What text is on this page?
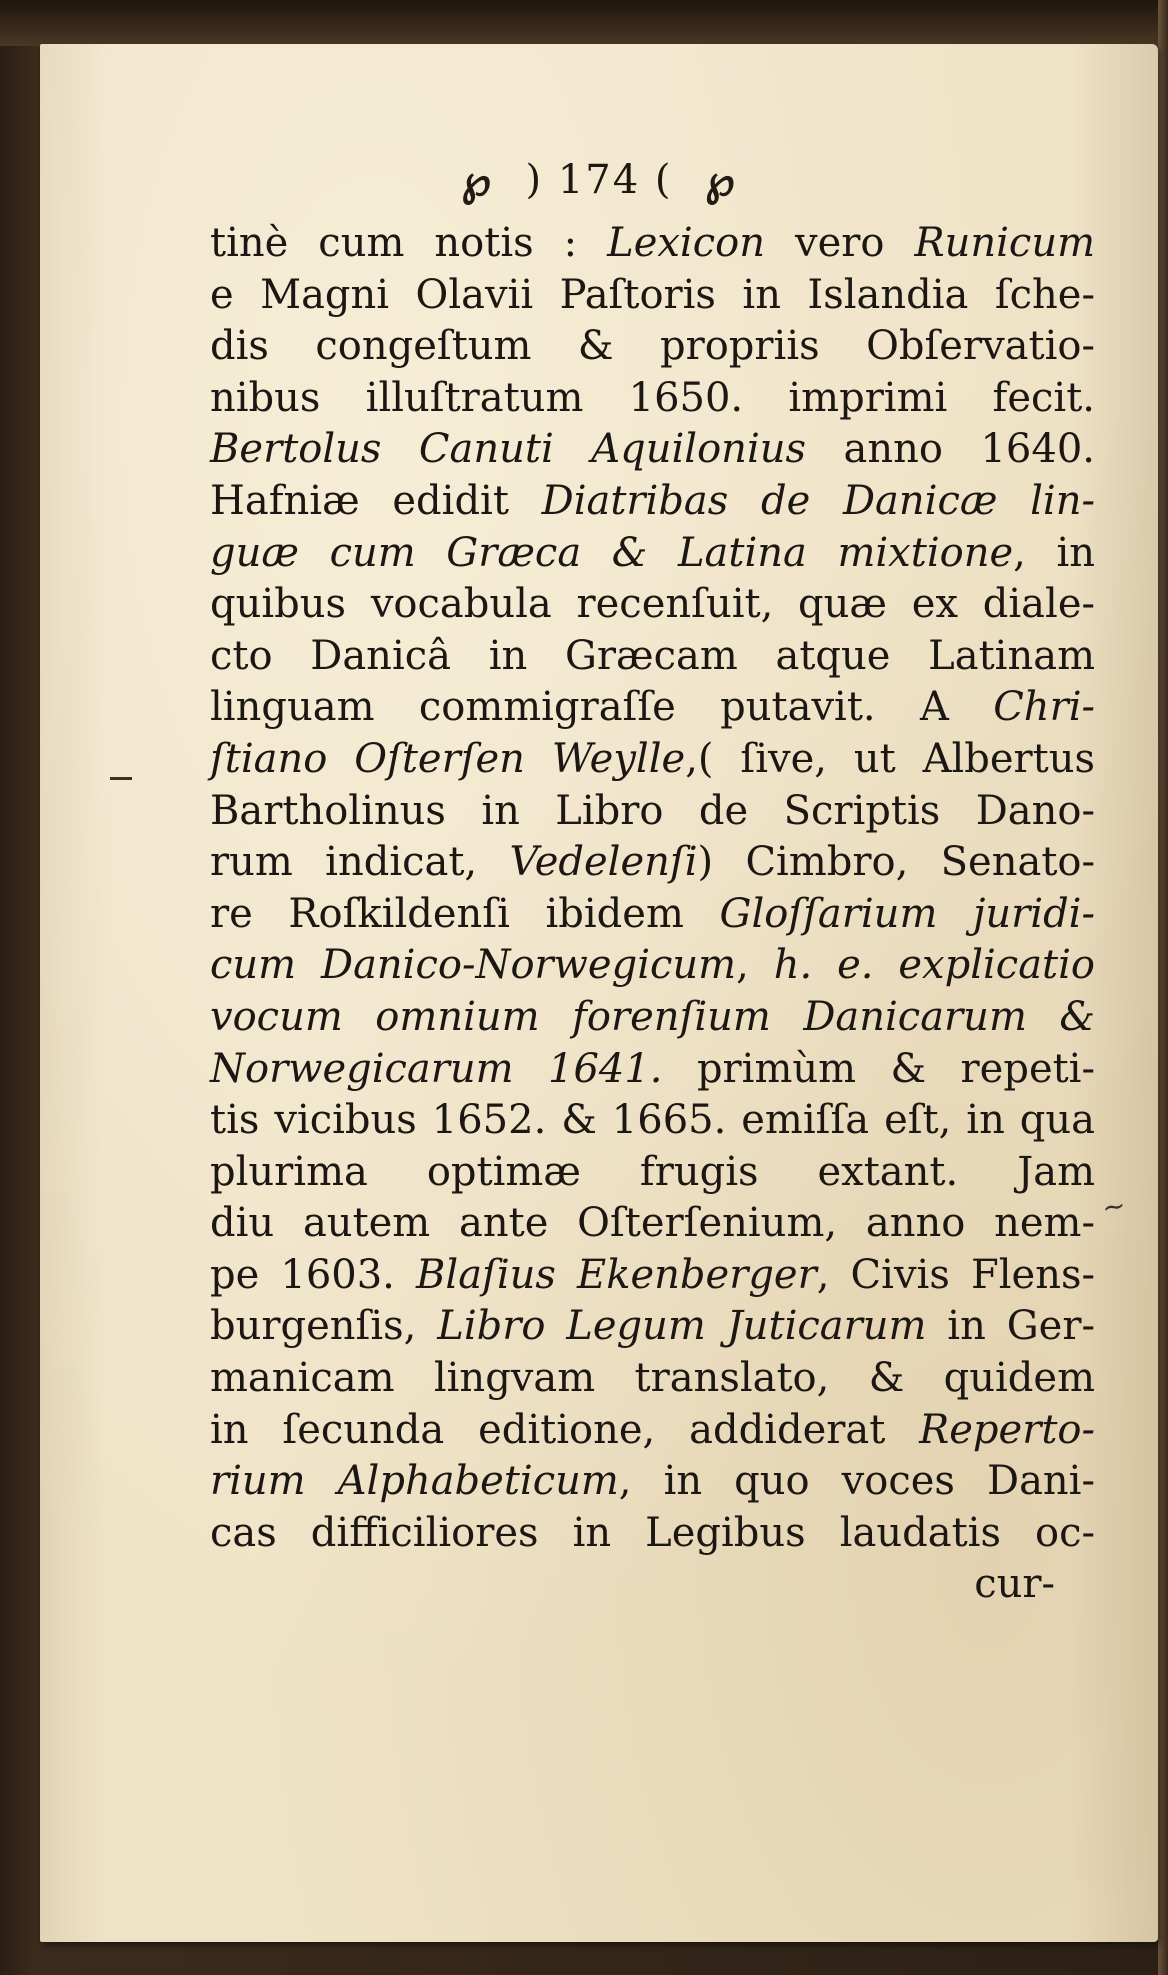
℘ ) 174 ( ℘
tinè cum notis : Lexicon vero Runicum
e Magni Olavii Paſtoris in Islandia ſche-
dis congeſtum & propriis Obſervatio-
nibus illuſtratum 1650. imprimi fecit.
Bertolus Canuti Aquilonius anno 1640.
Hafniæ edidit Diatribas de Danicæ lin-
guæ cum Græca & Latina mixtione, in
quibus vocabula recenſuit, quæ ex diale-
cto Danicâ in Græcam atque Latinam
linguam commigraſſe putavit. A Chri-
ſtiano Oſterſen Weylle,( ſive, ut Albertus
Bartholinus in Libro de Scriptis Dano-
rum indicat, Vedelenſi) Cimbro, Senato-
re Roſkildenſi ibidem Gloſſarium juridi-
cum Danico-Norwegicum, h. e. explicatio
vocum omnium forenſium Danicarum &
Norwegicarum 1641. primùm & repeti-
tis vicibus 1652. & 1665. emiſſa eſt, in qua
plurima optimæ frugis extant. Jam
diu autem ante Oſterſenium, anno nem-
pe 1603. Blaſius Ekenberger, Civis Flens-
burgenſis, Libro Legum Juticarum in Ger-
manicam lingvam translato, & quidem
in ſecunda editione, addiderat Reperto-
rium Alphabeticum, in quo voces Dani-
cas difficiliores in Legibus laudatis oc-
cur-
~
